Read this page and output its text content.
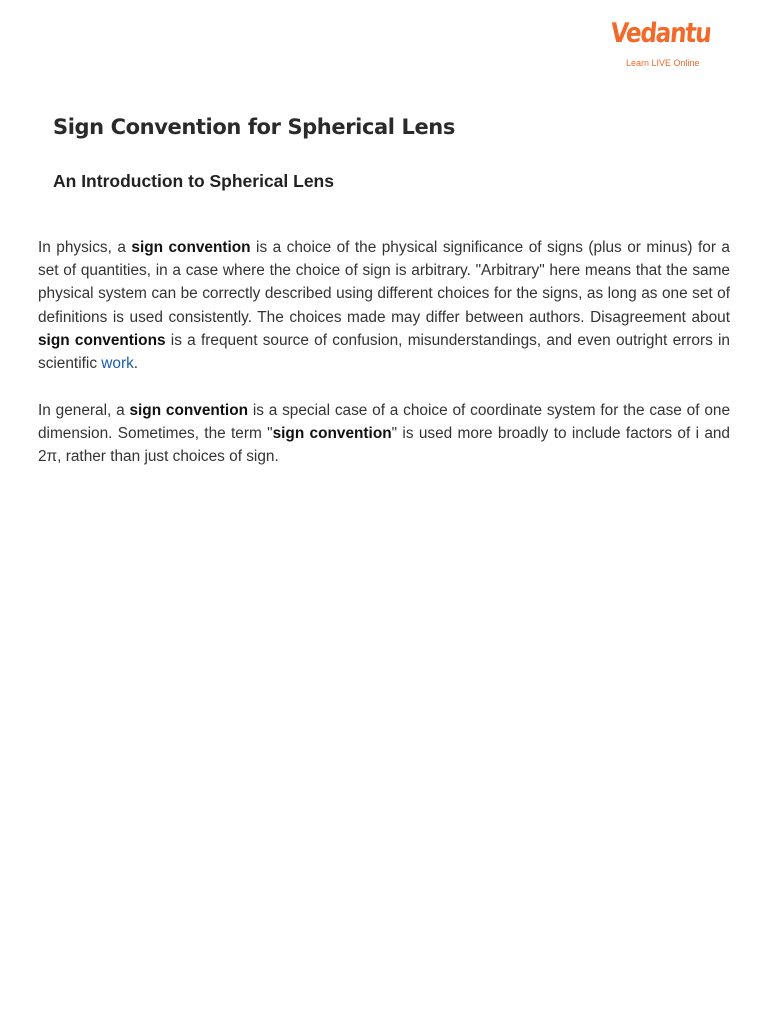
Vedantu
Learn LIVE Online
Sign Convention for Spherical Lens
An Introduction to Spherical Lens

In physics, a sign convention is a choice of the physical significance of signs (plus or minus) for a set of quantities, in a case where the choice of sign is arbitrary. "Arbitrary" here means that the same physical system can be correctly described using different choices for the signs, as long as one set of definitions is used consistently. The choices made may differ between authors. Disagreement about sign conventions is a frequent source of confusion, misunderstandings, and even outright errors in scientific work.

In general, a sign convention is a special case of a choice of coordinate system for the case of one dimension. Sometimes, the term "sign convention" is used more broadly to include factors of i and 2π, rather than just choices of sign.
